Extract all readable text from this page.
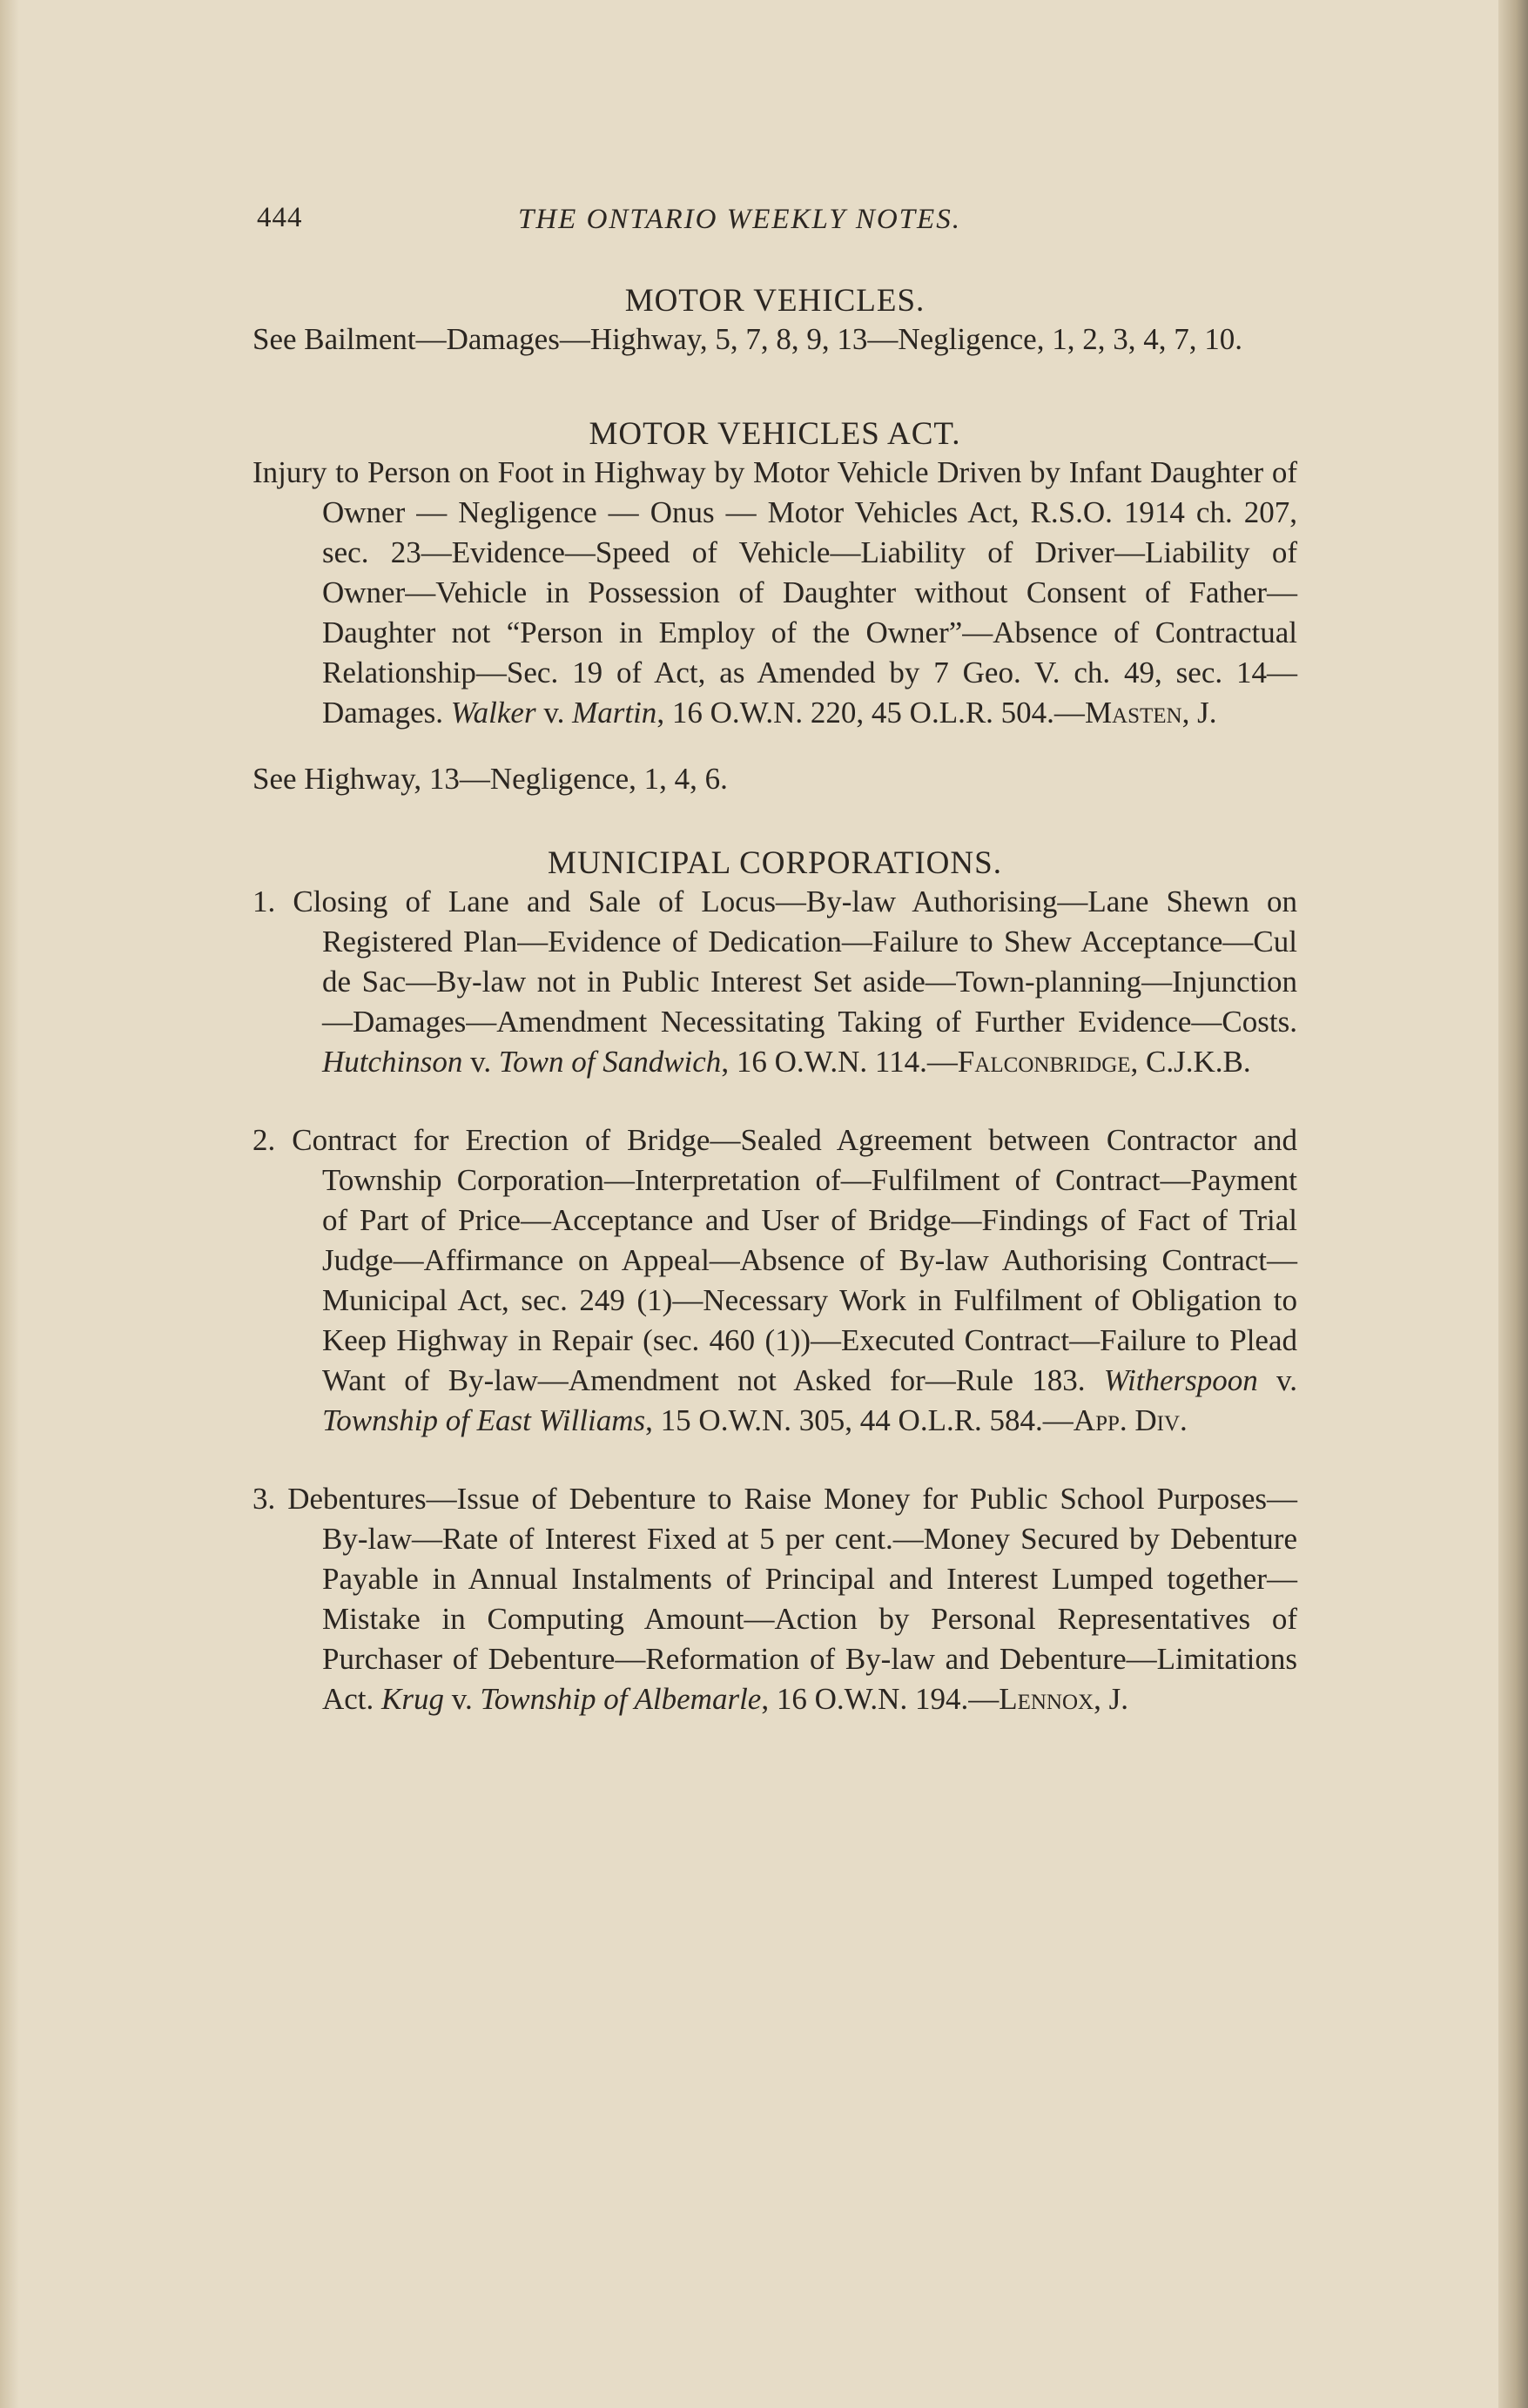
444	THE ONTARIO WEEKLY NOTES.
MOTOR VEHICLES.

See Bailment—Damages—Highway, 5, 7, 8, 9, 13—Negligence, 1, 2, 3, 4, 7, 10.

MOTOR VEHICLES ACT.

Injury to Person on Foot in Highway by Motor Vehicle Driven by Infant Daughter of Owner — Negligence — Onus — Motor Vehicles Act, R.S.O. 1914 ch. 207, sec. 23—Evidence—Speed of Vehicle—Liability of Driver—Liability of Owner—Vehicle in Possession of Daughter without Consent of Father—Daughter not “Person in Employ of the Owner”—Absence of Contractual Relationship—Sec. 19 of Act, as Amended by 7 Geo. V. ch. 49, sec. 14—Damages. Walker v. Martin, 16 O.W.N. 220, 45 O.L.R. 504.—Masten, J.

See Highway, 13—Negligence, 1, 4, 6.

MUNICIPAL CORPORATIONS.

1. Closing of Lane and Sale of Locus—By-law Authorising—Lane Shewn on Registered Plan—Evidence of Dedication—Failure to Shew Acceptance—Cul de Sac—By-law not in Public Interest Set aside—Town-planning—Injunction—Damages—Amendment Necessitating Taking of Further Evidence—Costs. Hutchinson v. Town of Sandwich, 16 O.W.N. 114.—Falconbridge, C.J.K.B.

2. Contract for Erection of Bridge—Sealed Agreement between Contractor and Township Corporation—Interpretation of—Fulfilment of Contract—Payment of Part of Price—Acceptance and User of Bridge—Findings of Fact of Trial Judge—Affirmance on Appeal—Absence of By-law Authorising Contract—Municipal Act, sec. 249 (1)—Necessary Work in Fulfilment of Obligation to Keep Highway in Repair (sec. 460 (1))—Executed Contract—Failure to Plead Want of By-law—Amendment not Asked for—Rule 183. Witherspoon v. Township of East Williams, 15 O.W.N. 305, 44 O.L.R. 584.—App. Div.

3. Debentures—Issue of Debenture to Raise Money for Public School Purposes—By-law—Rate of Interest Fixed at 5 per cent.—Money Secured by Debenture Payable in Annual Instalments of Principal and Interest Lumped together—Mistake in Computing Amount—Action by Personal Representatives of Purchaser of Debenture—Reformation of By-law and Debenture—Limitations Act. Krug v. Township of Albemarle, 16 O.W.N. 194.—Lennox, J.
